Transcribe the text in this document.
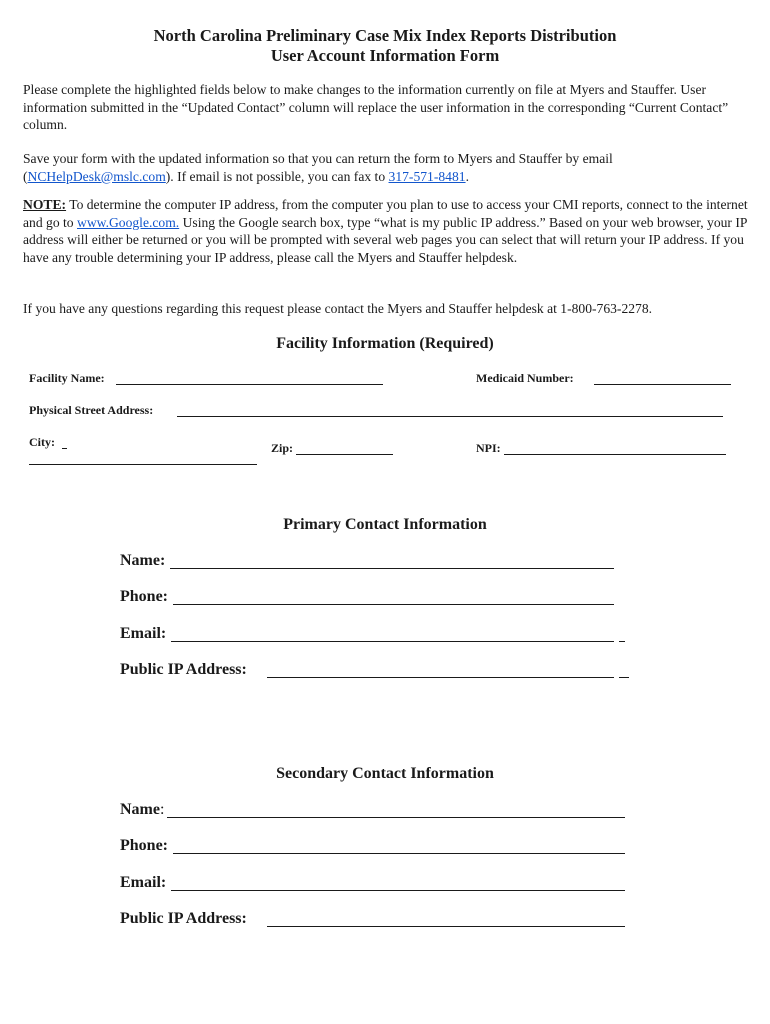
North Carolina Preliminary Case Mix Index Reports Distribution
User Account Information Form
Please complete the highlighted fields below to make changes to the information currently on file at Myers and Stauffer. User information submitted in the “Updated Contact” column will replace the user information in the corresponding “Current Contact” column.
Save your form with the updated information so that you can return the form to Myers and Stauffer by email (NCHelpDesk@mslc.com). If email is not possible, you can fax to 317-571-8481.
NOTE: To determine the computer IP address, from the computer you plan to use to access your CMI reports, connect to the internet and go to www.Google.com. Using the Google search box, type “what is my public IP address.” Based on your web browser, your IP address will either be returned or you will be prompted with several web pages you can select that will return your IP address. If you have any trouble determining your IP address, please call the Myers and Stauffer helpdesk.
If you have any questions regarding this request please contact the Myers and Stauffer helpdesk at 1-800-763-2278.
Facility Information (Required)
Facility Name:	Medicaid Number:
Physical Street Address:
City:	Zip:	NPI:
Primary Contact Information
Name:
Phone:
Email:
Public IP Address:
Secondary Contact Information
Name:
Phone:
Email:
Public IP Address:
